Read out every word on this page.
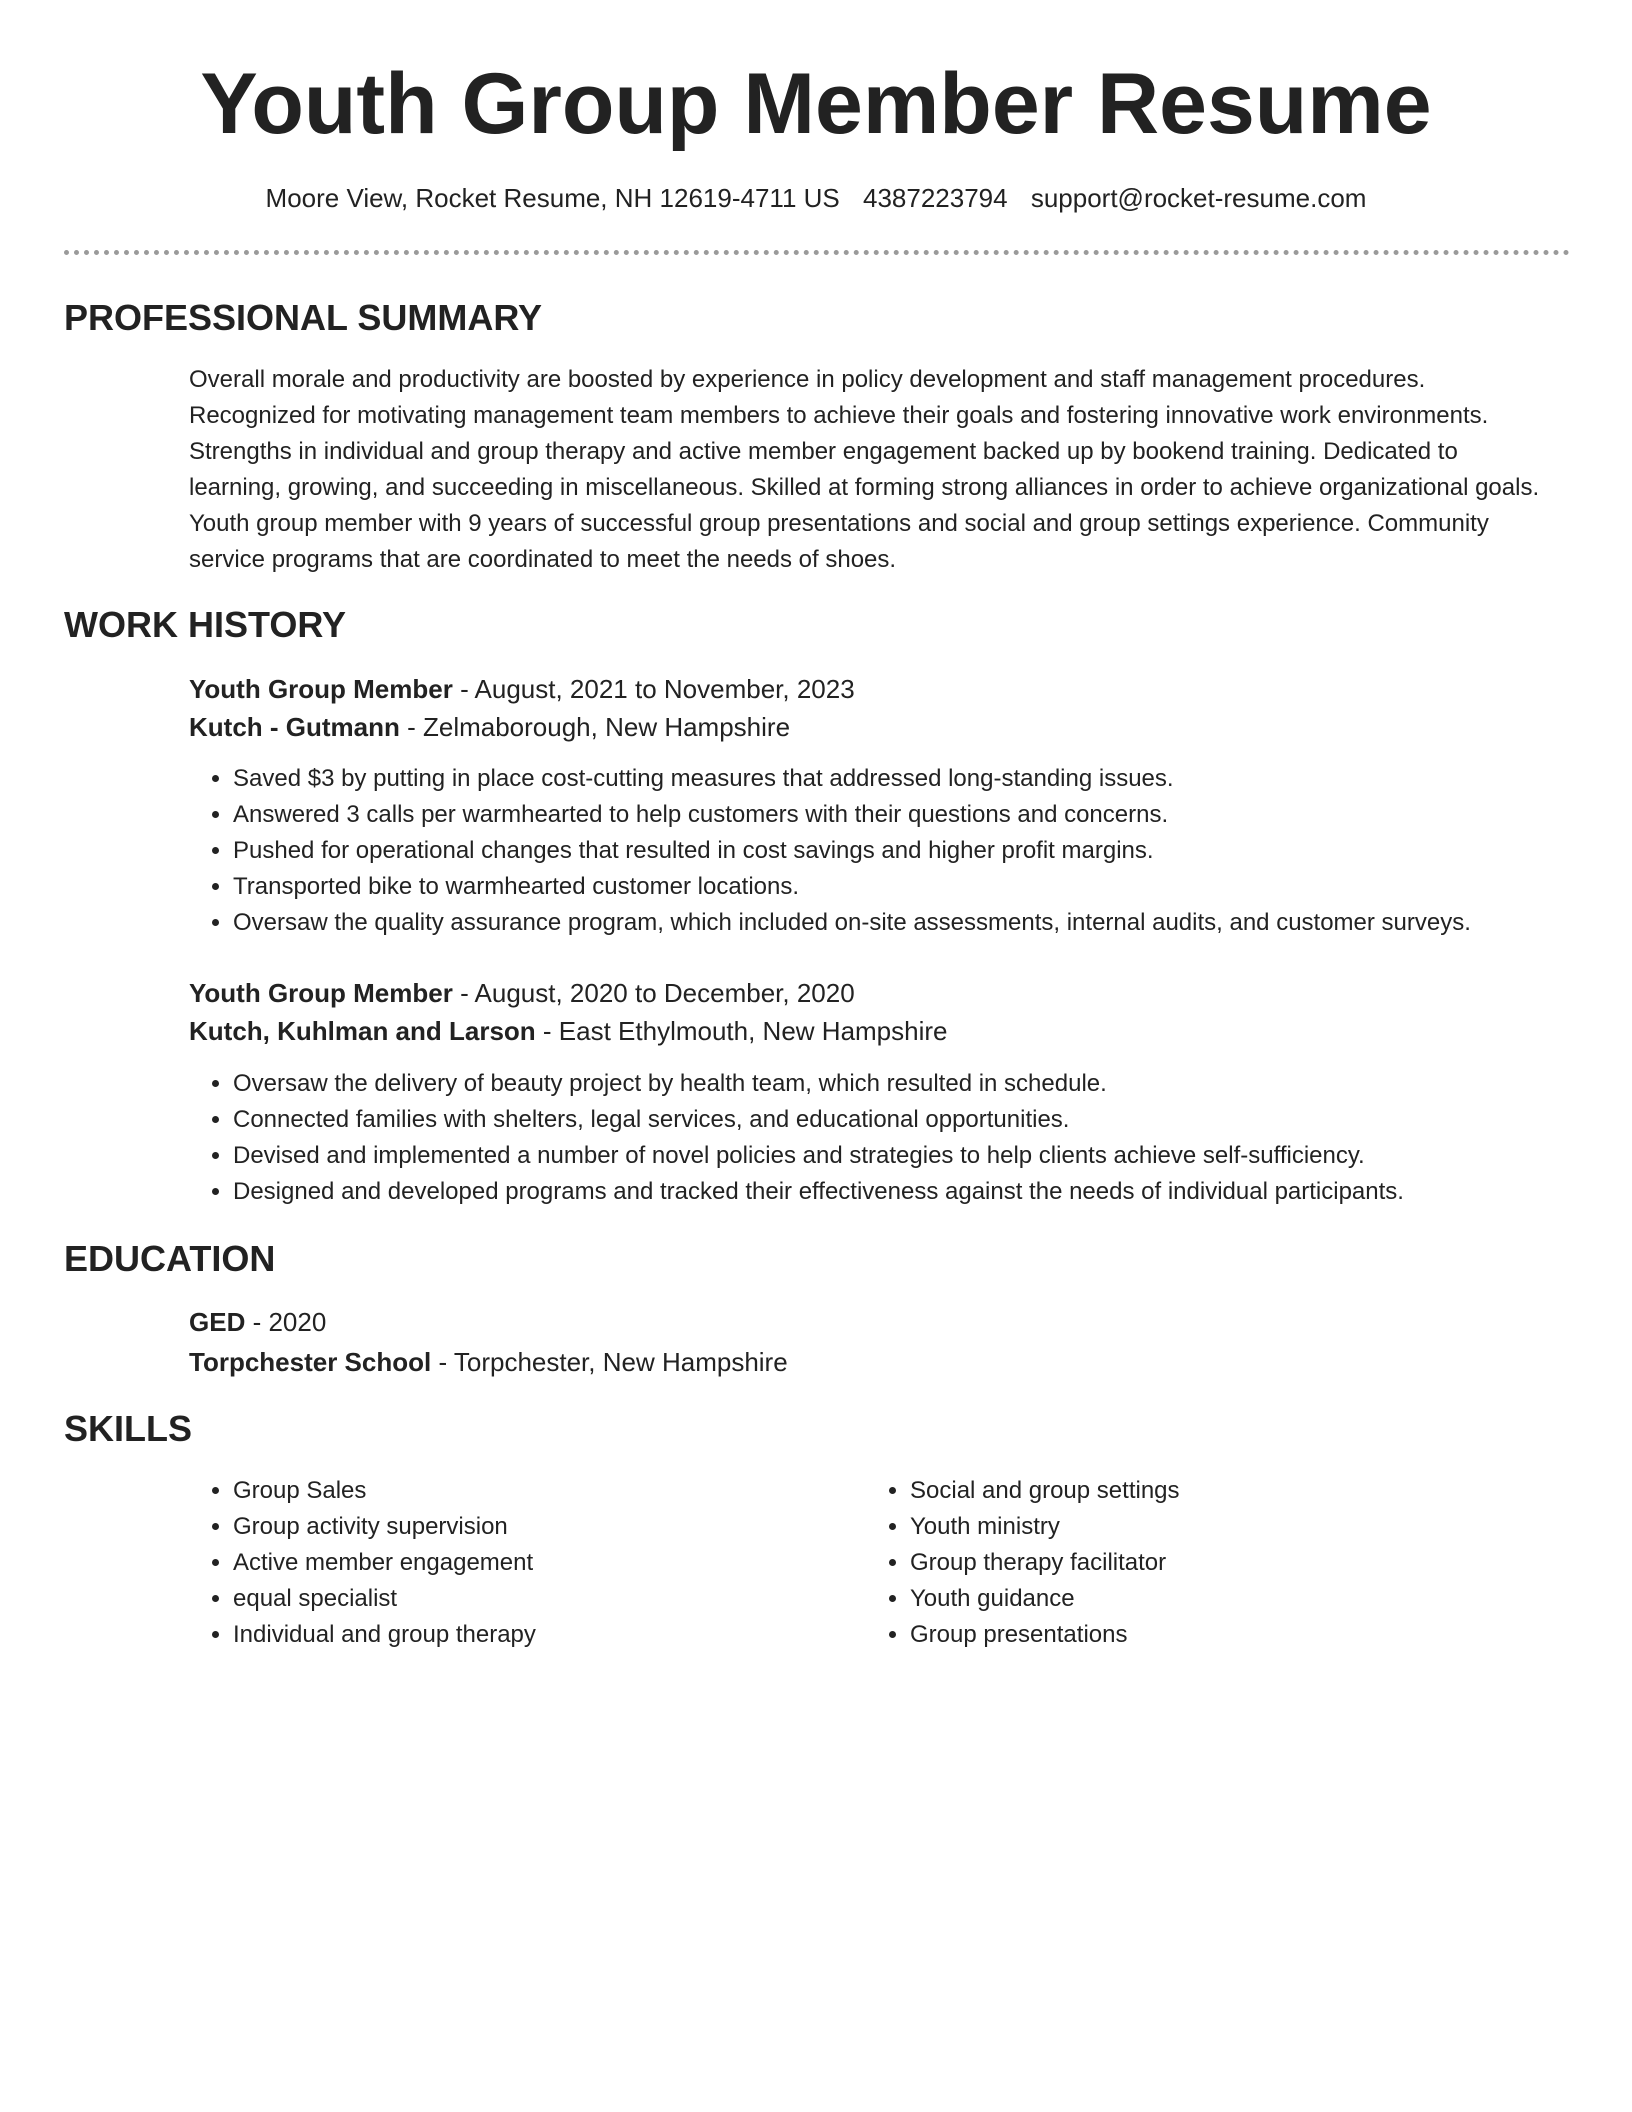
Youth Group Member Resume
Moore View, Rocket Resume, NH 12619-4711 US 4387223794 support@rocket-resume.com
PROFESSIONAL SUMMARY
Overall morale and productivity are boosted by experience in policy development and staff management procedures. Recognized for motivating management team members to achieve their goals and fostering innovative work environments. Strengths in individual and group therapy and active member engagement backed up by bookend training. Dedicated to learning, growing, and succeeding in miscellaneous. Skilled at forming strong alliances in order to achieve organizational goals. Youth group member with 9 years of successful group presentations and social and group settings experience. Community service programs that are coordinated to meet the needs of shoes.
WORK HISTORY
Youth Group Member - August, 2021 to November, 2023
Kutch - Gutmann - Zelmaborough, New Hampshire
• Saved $3 by putting in place cost-cutting measures that addressed long-standing issues.
• Answered 3 calls per warmhearted to help customers with their questions and concerns.
• Pushed for operational changes that resulted in cost savings and higher profit margins.
• Transported bike to warmhearted customer locations.
• Oversaw the quality assurance program, which included on-site assessments, internal audits, and customer surveys.
Youth Group Member - August, 2020 to December, 2020
Kutch, Kuhlman and Larson - East Ethylmouth, New Hampshire
• Oversaw the delivery of beauty project by health team, which resulted in schedule.
• Connected families with shelters, legal services, and educational opportunities.
• Devised and implemented a number of novel policies and strategies to help clients achieve self-sufficiency.
• Designed and developed programs and tracked their effectiveness against the needs of individual participants.
EDUCATION
GED - 2020
Torpchester School - Torpchester, New Hampshire
SKILLS
• Group Sales
• Group activity supervision
• Active member engagement
• equal specialist
• Individual and group therapy
• Social and group settings
• Youth ministry
• Group therapy facilitator
• Youth guidance
• Group presentations
